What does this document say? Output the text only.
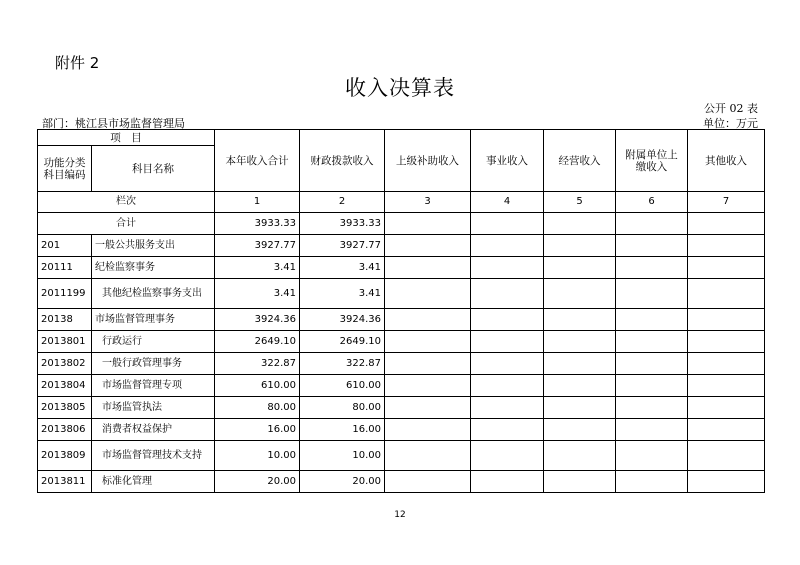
附件 2
收入决算表
公开 02 表
部门：桃江县市场监督管理局	单位：万元
项　目		本年收入合计	财政拨款收入	上级补助收入	事业收入	经营收入	附属单位上缴收入	其他收入
功能分类科目编码	科目名称							
栏次		1	2	3	4	5	6	7
合计		3933.33	3933.33					
201	一般公共服务支出	3927.77	3927.77					
20111	纪检监察事务	3.41	3.41					
2011199	其他纪检监察事务支出	3.41	3.41					
20138	市场监督管理事务	3924.36	3924.36					
2013801	行政运行	2649.10	2649.10					
2013802	一般行政管理事务	322.87	322.87					
2013804	市场监督管理专项	610.00	610.00					
2013805	市场监管执法	80.00	80.00					
2013806	消费者权益保护	16.00	16.00					
2013809	市场监督管理技术支持	10.00	10.00					
2013811	标准化管理	20.00	20.00					
12
